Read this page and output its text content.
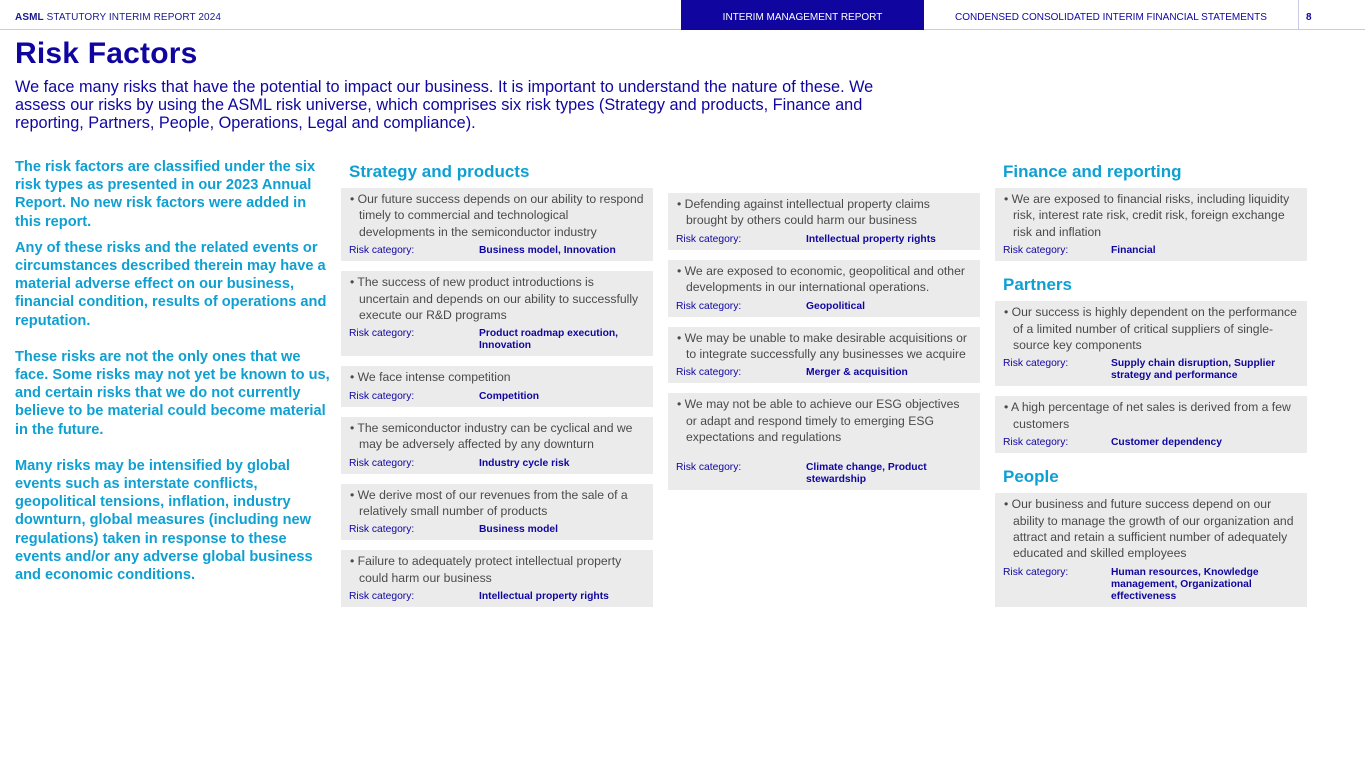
ASML STATUTORY INTERIM REPORT 2024	INTERIM MANAGEMENT REPORT	CONDENSED CONSOLIDATED INTERIM FINANCIAL STATEMENTS	8
Risk Factors

We face many risks that have the potential to impact our business. It is important to understand the nature of these. We assess our risks by using the ASML risk universe, which comprises six risk types (Strategy and products, Finance and reporting, Partners, People, Operations, Legal and compliance).

The risk factors are classified under the six risk types as presented in our 2023 Annual Report. No new risk factors were added in this report.

Any of these risks and the related events or circumstances described therein may have a material adverse effect on our business, financial condition, results of operations and reputation.

These risks are not the only ones that we face. Some risks may not yet be known to us, and certain risks that we do not currently believe to be material could become material in the future.

Many risks may be intensified by global events such as interstate conflicts, geopolitical tensions, inflation, industry downturn, global measures (including new regulations) taken in response to these events and/or any adverse global business and economic conditions.

Strategy and products
• Our future success depends on our ability to respond timely to commercial and technological developments in the semiconductor industry
Risk category:	Business model, Innovation
• The success of new product introductions is uncertain and depends on our ability to successfully execute our R&D programs
Risk category:	Product roadmap execution, Innovation
• We face intense competition
Risk category:	Competition
• The semiconductor industry can be cyclical and we may be adversely affected by any downturn
Risk category:	Industry cycle risk
• We derive most of our revenues from the sale of a relatively small number of products
Risk category:	Business model
• Failure to adequately protect intellectual property could harm our business
Risk category:	Intellectual property rights
• Defending against intellectual property claims brought by others could harm our business
Risk category:	Intellectual property rights
• We are exposed to economic, geopolitical and other developments in our international operations.
Risk category:	Geopolitical
• We may be unable to make desirable acquisitions or to integrate successfully any businesses we acquire
Risk category:	Merger & acquisition
• We may not be able to achieve our ESG objectives or adapt and respond timely to emerging ESG expectations and regulations
Risk category:	Climate change, Product stewardship
Finance and reporting
• We are exposed to financial risks, including liquidity risk, interest rate risk, credit risk, foreign exchange risk and inflation
Risk category:	Financial
Partners
• Our success is highly dependent on the performance of a limited number of critical suppliers of single-source key components
Risk category:	Supply chain disruption, Supplier strategy and performance
• A high percentage of net sales is derived from a few customers
Risk category:	Customer dependency
People
• Our business and future success depend on our ability to manage the growth of our organization and attract and retain a sufficient number of adequately educated and skilled employees
Risk category:	Human resources, Knowledge management, Organizational effectiveness
